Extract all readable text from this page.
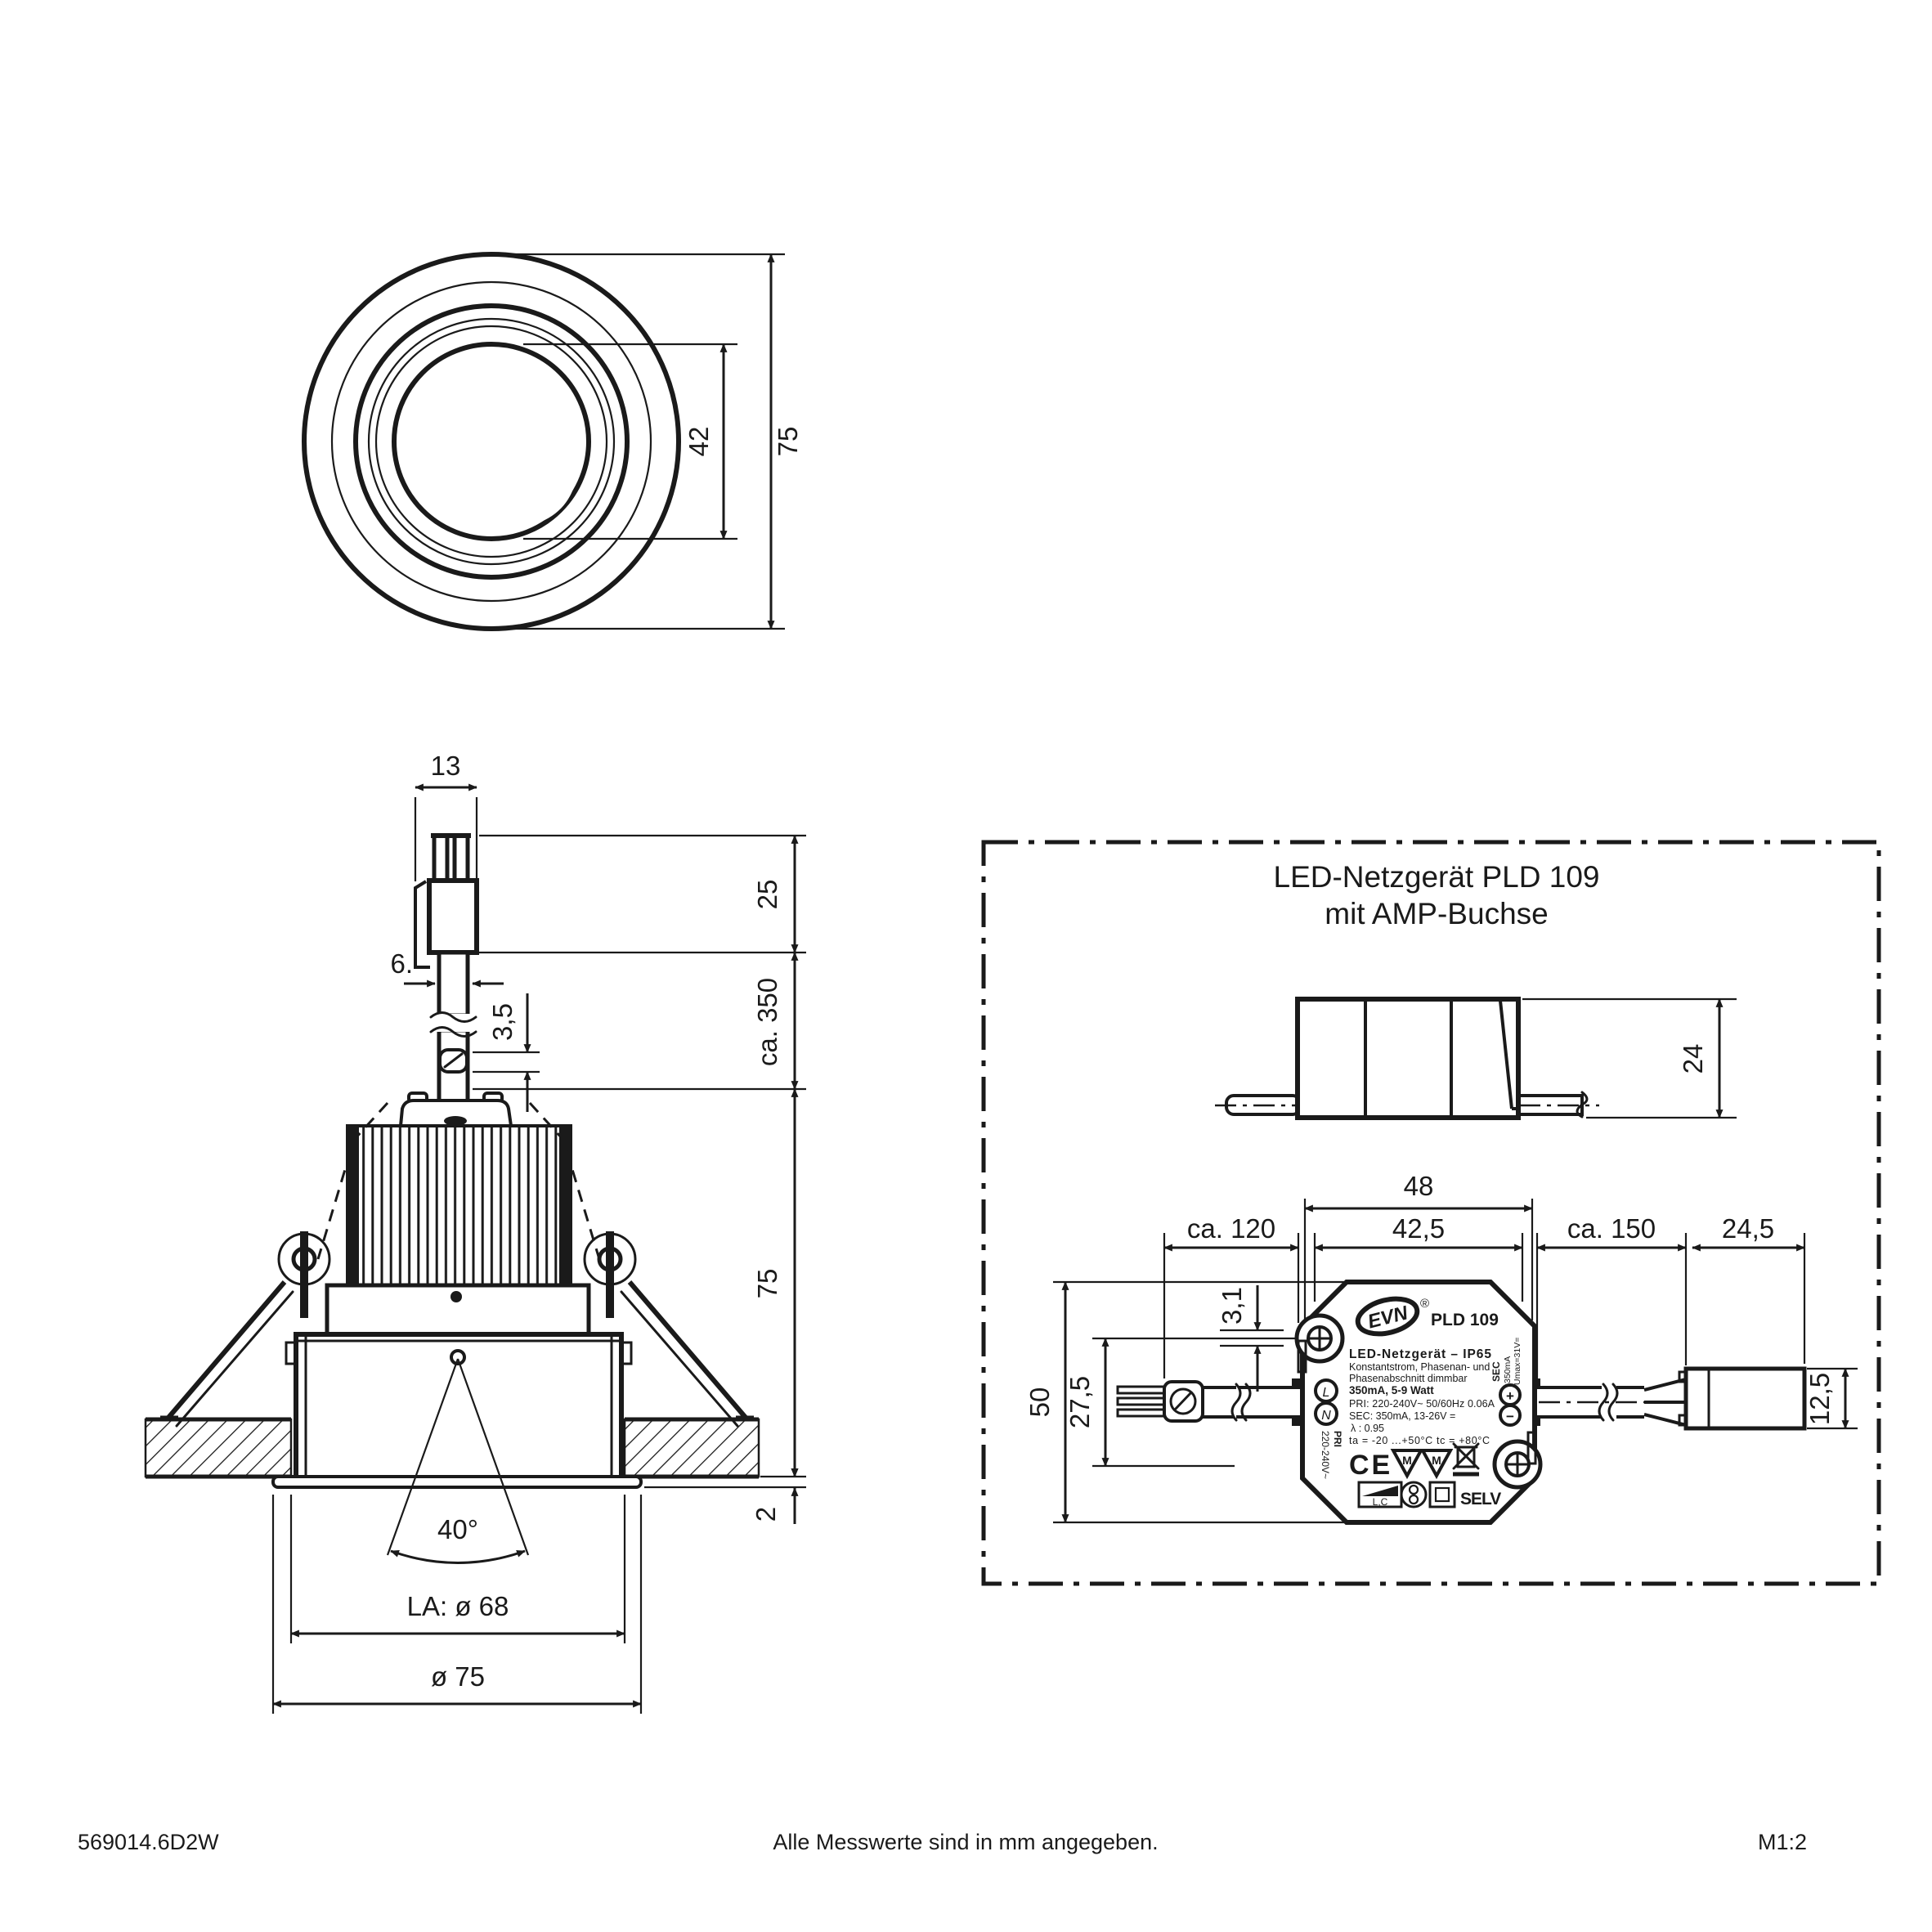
42 75
13
6.
3,5
40°
LA: ø 68
ø 75
25
ca. 350
75
2
LED-Netzgerät PLD 109
mit AMP-Buchse
24
48
ca. 120	42,5	ca. 150 24,5
50 27,5
3,1
12,5
EVN ®
PLD 109
LED-Netzgerät – IP65
Konstantstrom, Phasenan- und
Phasenabschnitt dimmbar
350mA, 5-9 Watt
PRI: 220-240V~ 50/60Hz 0.06A
SEC: 350mA, 13-26V =
λ : 0.95
ta = -20 ...+50°C tc = +80°C
L
N
PRI
220-240V~
SEC 350mA Umax=31V=
+
−
CE M M
L,C	SELV
569014.6D2W	Alle Messwerte sind in mm angegeben.	M1:2
